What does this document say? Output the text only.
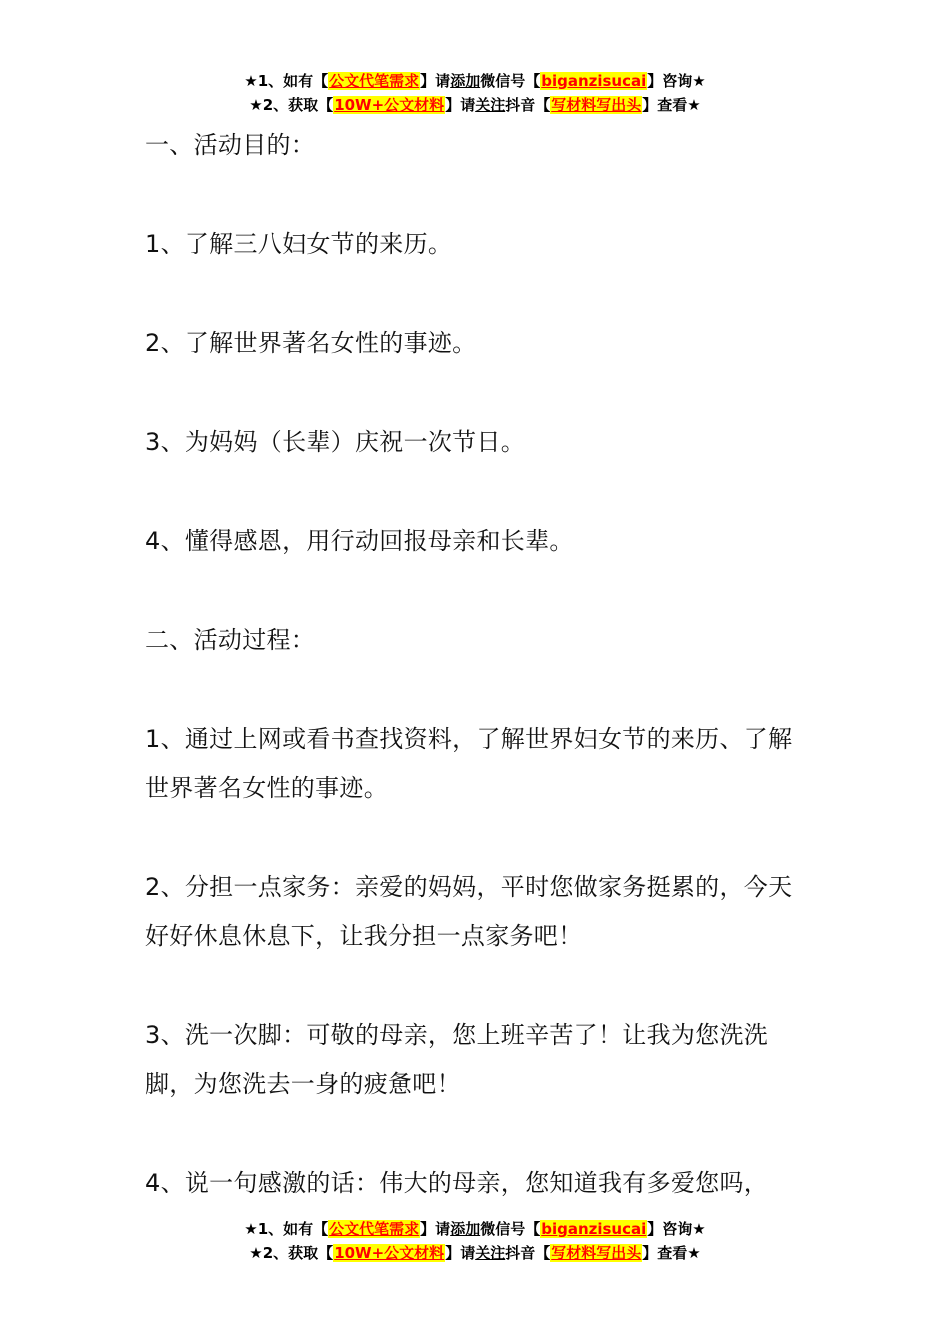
★1、如有【公文代笔需求】请添加微信号【biganzisucai】咨询★
★2、获取【10W+公文材料】请关注抖音【写材料写出头】查看★

一、活动目的：

1、了解三八妇女节的来历。

2、了解世界著名女性的事迹。

3、为妈妈（长辈）庆祝一次节日。

4、懂得感恩，用行动回报母亲和长辈。

二、活动过程：

1、通过上网或看书查找资料，了解世界妇女节的来历、了解世界著名女性的事迹。

2、分担一点家务：亲爱的妈妈，平时您做家务挺累的，今天好好休息休息下，让我分担一点家务吧！

3、洗一次脚：可敬的母亲，您上班辛苦了！让我为您洗洗脚，为您洗去一身的疲惫吧！

4、说一句感激的话：伟大的母亲，您知道我有多爱您吗，

★1、如有【公文代笔需求】请添加微信号【biganzisucai】咨询★
★2、获取【10W+公文材料】请关注抖音【写材料写出头】查看★
